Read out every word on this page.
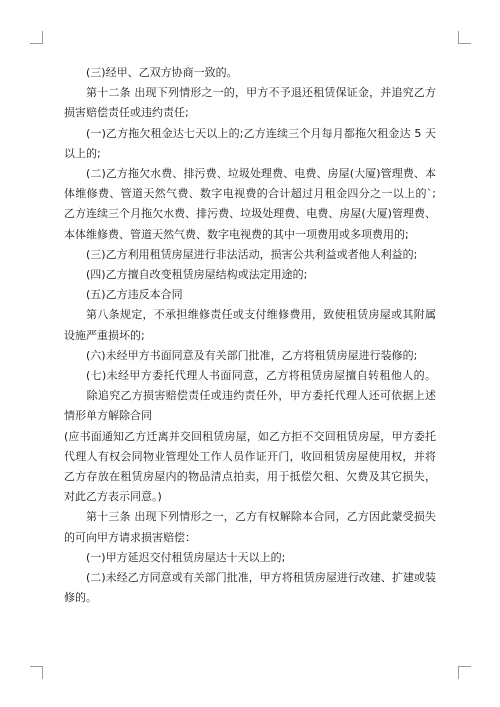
(三)经甲、乙双方协商一致的。

第十二条 出现下列情形之一的，甲方不予退还租赁保证金，并追究乙方损害赔偿责任或违约责任;

(一)乙方拖欠租金达七天以上的;乙方连续三个月每月都拖欠租金达 5 天以上的;

(二)乙方拖欠水费、排污费、垃圾处理费、电费、房屋(大厦)管理费、本体维修费、管道天然气费、数字电视费的合计超过月租金四分之一以上的`;乙方连续三个月拖欠水费、排污费、垃圾处理费、电费、房屋(大厦)管理费、本体维修费、管道天然气费、数字电视费的其中一项费用或多项费用的;

(三)乙方利用租赁房屋进行非法活动，损害公共利益或者他人利益的;

(四)乙方擅自改变租赁房屋结构或法定用途的;

(五)乙方违反本合同

第八条规定，不承担维修责任或支付维修费用，致使租赁房屋或其附属设施严重损坏的;

(六)未经甲方书面同意及有关部门批准，乙方将租赁房屋进行装修的;

(七)未经甲方委托代理人书面同意，乙方将租赁房屋擅自转租他人的。      除追究乙方损害赔偿责任或违约责任外，甲方委托代理人还可依据上述情形单方解除合同

(应书面通知乙方迁离并交回租赁房屋，如乙方拒不交回租赁房屋，甲方委托代理人有权会同物业管理处工作人员作证开门，收回租赁房屋使用权，并将乙方存放在租赁房屋内的物品清点拍卖，用于抵偿欠租、欠费及其它损失，对此乙方表示同意。)

第十三条 出现下列情形之一，乙方有权解除本合同，乙方因此蒙受损失的可向甲方请求损害赔偿：

(一)甲方延迟交付租赁房屋达十天以上的;

(二)未经乙方同意或有关部门批准，甲方将租赁房屋进行改建、扩建或装修的。
